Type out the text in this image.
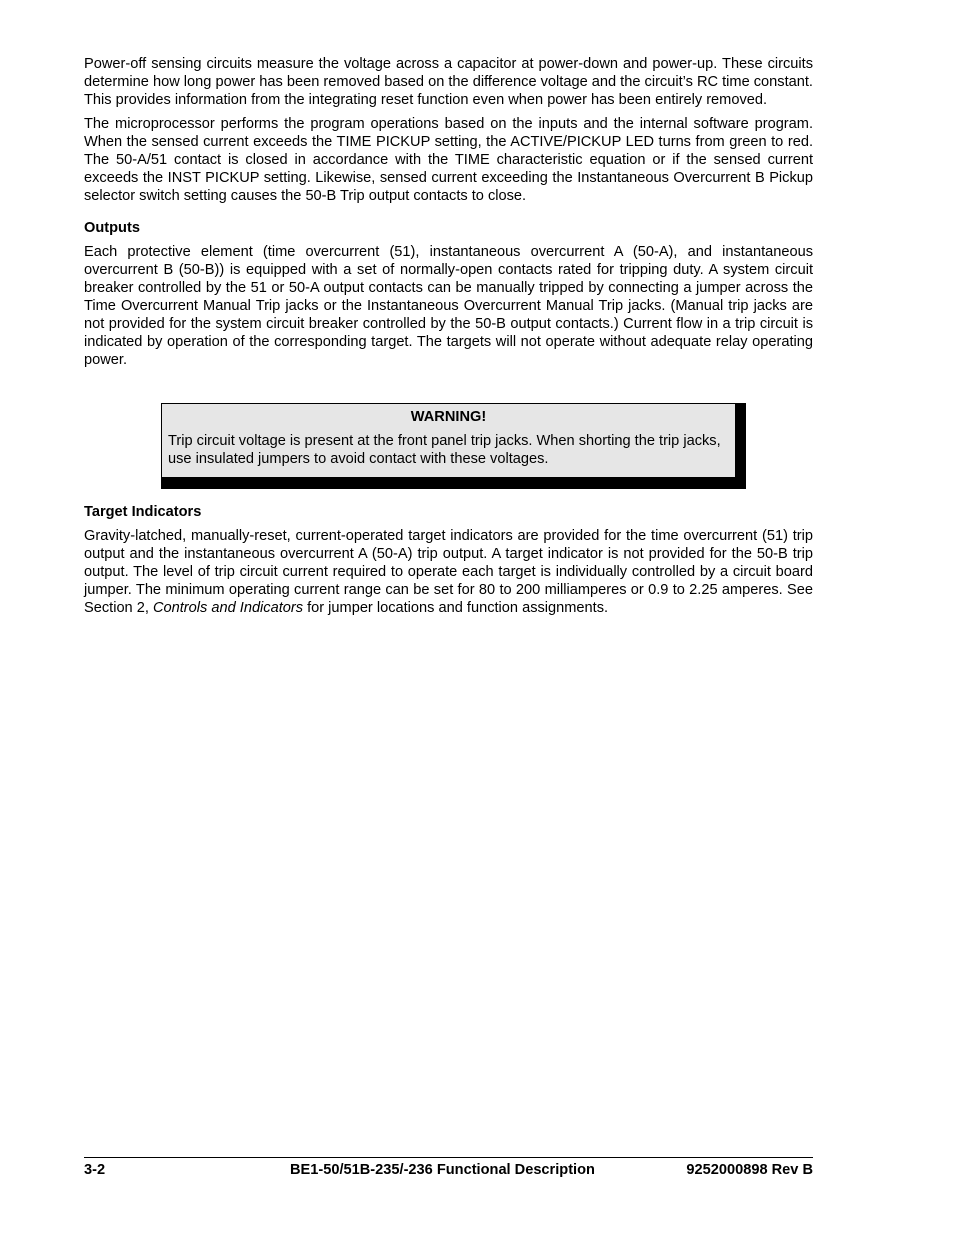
Power-off sensing circuits measure the voltage across a capacitor at power-down and power-up. These circuits determine how long power has been removed based on the difference voltage and the circuit’s RC time constant. This provides information from the integrating reset function even when power has been entirely removed.

The microprocessor performs the program operations based on the inputs and the internal software program. When the sensed current exceeds the TIME PICKUP setting, the ACTIVE/PICKUP LED turns from green to red. The 50-A/51 contact is closed in accordance with the TIME characteristic equation or if the sensed current exceeds the INST PICKUP setting. Likewise, sensed current exceeding the Instantaneous Overcurrent B Pickup selector switch setting causes the 50-B Trip output contacts to close.

Outputs

Each protective element (time overcurrent (51), instantaneous overcurrent A (50-A), and instantaneous overcurrent B (50-B)) is equipped with a set of normally-open contacts rated for tripping duty. A system circuit breaker controlled by the 51 or 50-A output contacts can be manually tripped by connecting a jumper across the Time Overcurrent Manual Trip jacks or the Instantaneous Overcurrent Manual Trip jacks. (Manual trip jacks are not provided for the system circuit breaker controlled by the 50-B output contacts.) Current flow in a trip circuit is indicated by operation of the corresponding target. The targets will not operate without adequate relay operating power.

WARNING!

Trip circuit voltage is present at the front panel trip jacks. When shorting the trip jacks, use insulated jumpers to avoid contact with these voltages.

Target Indicators

Gravity-latched, manually-reset, current-operated target indicators are provided for the time overcurrent (51) trip output and the instantaneous overcurrent A (50-A) trip output. A target indicator is not provided for the 50-B trip output. The level of trip circuit current required to operate each target is individually controlled by a circuit board jumper. The minimum operating current range can be set for 80 to 200 milliamperes or 0.9 to 2.25 amperes. See Section 2, Controls and Indicators for jumper locations and function assignments.

3-2	BE1-50/51B-235/-236 Functional Description	9252000898 Rev B
